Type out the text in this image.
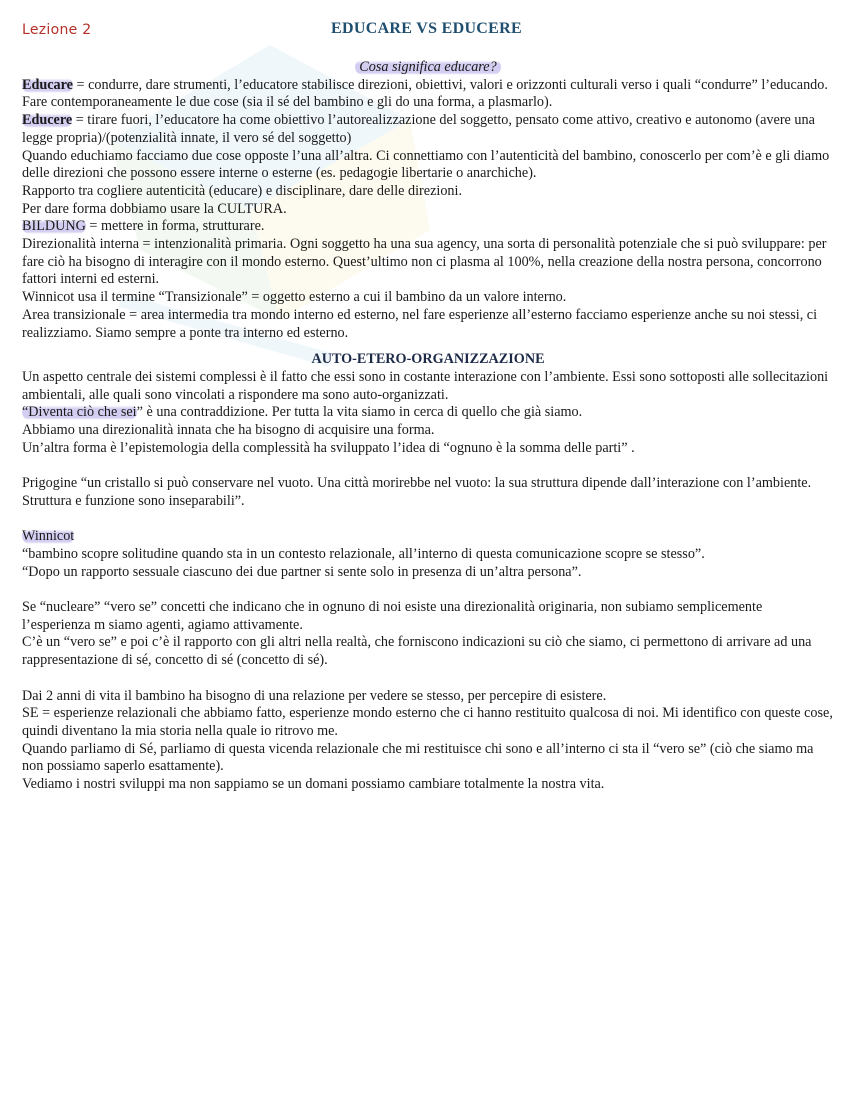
Lezione 2	EDUCARE VS EDUCERE

Cosa significa educare?

Educare = condurre, dare strumenti, l’educatore stabilisce direzioni, obiettivi, valori e orizzonti culturali verso i quali “condurre” l’educando. Fare contemporaneamente le due cose (sia il sé del bambino e gli do una forma, a plasmarlo).

Educere = tirare fuori, l’educatore ha come obiettivo l’autorealizzazione del soggetto, pensato come attivo, creativo e autonomo (avere una legge propria)/(potenzialità innate, il vero sé del soggetto)

Quando educhiamo facciamo due cose opposte l’una all’altra. Ci connettiamo con l’autenticità del bambino, conoscerlo per com’è e gli diamo delle direzioni che possono essere interne o esterne (es. pedagogie libertarie o anarchiche).

Rapporto tra cogliere autenticità (educare) e disciplinare, dare delle direzioni.

Per dare forma dobbiamo usare la CULTURA.

BILDUNG = mettere in forma, strutturare.

Direzionalità interna = intenzionalità primaria. Ogni soggetto ha una sua agency, una sorta di personalità potenziale che si può sviluppare: per fare ciò ha bisogno di interagire con il mondo esterno. Quest’ultimo non ci plasma al 100%, nella creazione della nostra persona, concorrono fattori interni ed esterni.

Winnicot usa il termine “Transizionale” = oggetto esterno a cui il bambino da un valore interno.

Area transizionale = area intermedia tra mondo interno ed esterno, nel fare esperienze all’esterno facciamo esperienze anche su noi stessi, ci realizziamo. Siamo sempre a ponte tra interno ed esterno.

AUTO-ETERO-ORGANIZZAZIONE

Un aspetto centrale dei sistemi complessi è il fatto che essi sono in costante interazione con l’ambiente. Essi sono sottoposti alle sollecitazioni ambientali, alle quali sono vincolati a rispondere ma sono auto-organizzati.

“Diventa ciò che sei” è una contraddizione. Per tutta la vita siamo in cerca di quello che già siamo.

Abbiamo una direzionalità innata che ha bisogno di acquisire una forma.

Un’altra forma è l’epistemologia della complessità ha sviluppato l’idea di “ognuno è la somma delle parti” .

Prigogine “un cristallo si può conservare nel vuoto. Una città morirebbe nel vuoto: la sua struttura dipende dall’interazione con l’ambiente. Struttura e funzione sono inseparabili”.

Winnicot

“bambino scopre solitudine quando sta in un contesto relazionale, all’interno di questa comunicazione scopre se stesso”.

“Dopo un rapporto sessuale ciascuno dei due partner si sente solo in presenza di un’altra persona”.

Se “nucleare” “vero se” concetti che indicano che in ognuno di noi esiste una direzionalità originaria, non subiamo semplicemente l’esperienza m siamo agenti, agiamo attivamente.

C’è un “vero se” e poi c’è il rapporto con gli altri nella realtà, che forniscono indicazioni su ciò che siamo, ci permettono di arrivare ad una rappresentazione di sé, concetto di sé (concetto di sé).

Dai 2 anni di vita il bambino ha bisogno di una relazione per vedere se stesso, per percepire di esistere.

SE = esperienze relazionali che abbiamo fatto, esperienze mondo esterno che ci hanno restituito qualcosa di noi. Mi identifico con queste cose, quindi diventano la mia storia nella quale io ritrovo me.

Quando parliamo di Sé, parliamo di questa vicenda relazionale che mi restituisce chi sono e all’interno ci sta il “vero se” (ciò che siamo ma non possiamo saperlo esattamente).

Vediamo i nostri sviluppi ma non sappiamo se un domani possiamo cambiare totalmente la nostra vita.
